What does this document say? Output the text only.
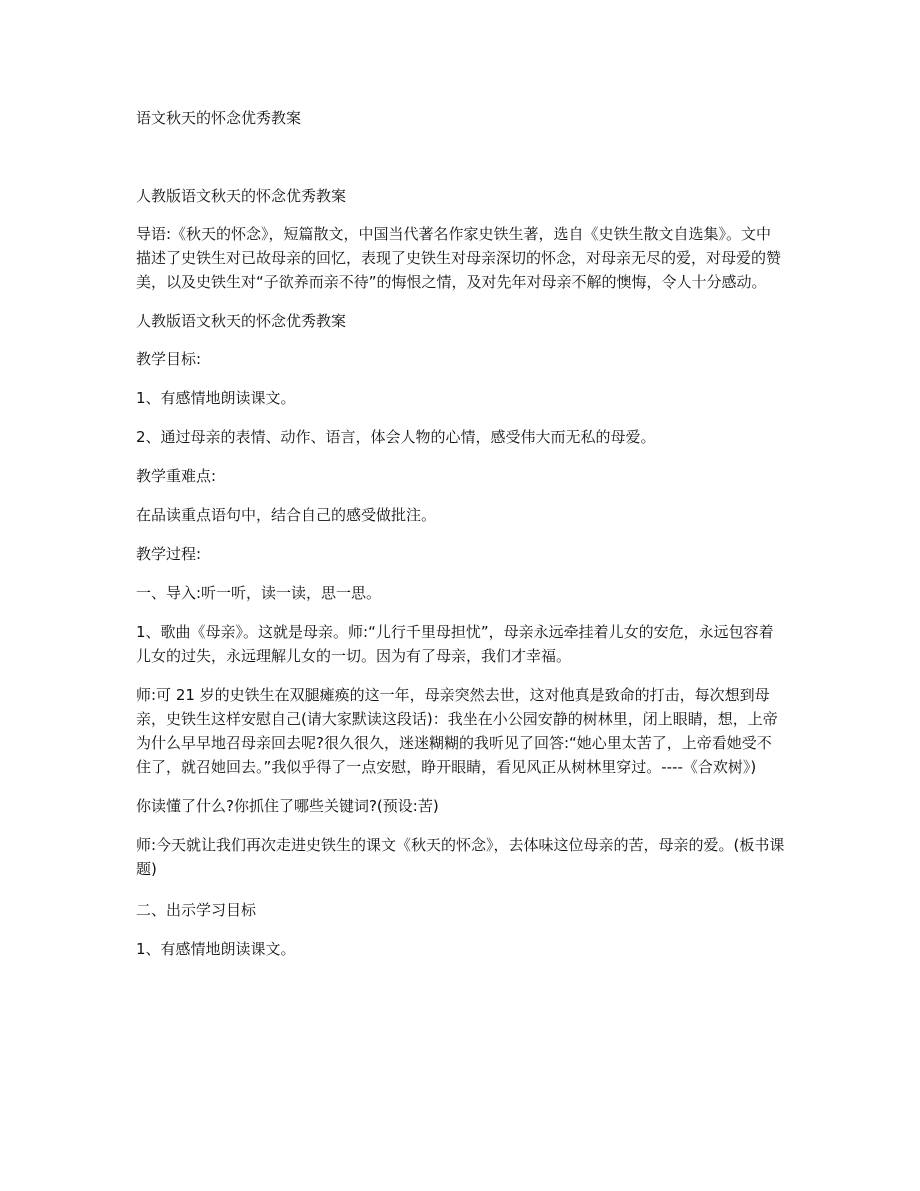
语文秋天的怀念优秀教案

人教版语文秋天的怀念优秀教案

导语:《秋天的怀念》，短篇散文，中国当代著名作家史铁生著，选自《史铁生散文自选集》。文中描述了史铁生对已故母亲的回忆，表现了史铁生对母亲深切的怀念，对母亲无尽的爱，对母爱的赞美，以及史铁生对“子欲养而亲不待”的悔恨之情，及对先年对母亲不解的懊悔，令人十分感动。

人教版语文秋天的怀念优秀教案

教学目标:

1、有感情地朗读课文。

2、通过母亲的表情、动作、语言，体会人物的心情，感受伟大而无私的母爱。

教学重难点:

在品读重点语句中，结合自己的感受做批注。

教学过程:

一、导入:听一听，读一读，思一思。

1、歌曲《母亲》。这就是母亲。师:“儿行千里母担忧”，母亲永远牵挂着儿女的安危，永远包容着儿女的过失，永远理解儿女的一切。因为有了母亲，我们才幸福。

师:可 21 岁的史铁生在双腿瘫痪的这一年，母亲突然去世，这对他真是致命的打击，每次想到母亲，史铁生这样安慰自己(请大家默读这段话)：我坐在小公园安静的树林里，闭上眼睛，想，上帝为什么早早地召母亲回去呢?很久很久，迷迷糊糊的我听见了回答:“她心里太苦了，上帝看她受不住了，就召她回去。”我似乎得了一点安慰，睁开眼睛，看见风正从树林里穿过。----《合欢树》)

你读懂了什么?你抓住了哪些关键词?(预设:苦)

师:今天就让我们再次走进史铁生的课文《秋天的怀念》，去体味这位母亲的苦，母亲的爱。(板书课题)

二、出示学习目标

1、有感情地朗读课文。
